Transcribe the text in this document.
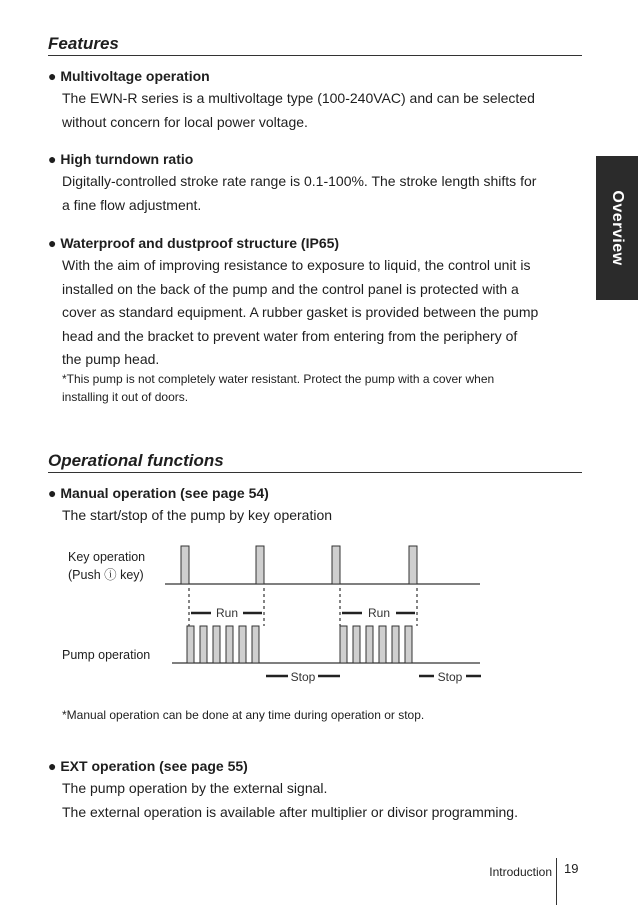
Overview
Features
● Multivoltage operation
The EWN-R series is a multivoltage type (100-240VAC) and can be selected
without concern for local power voltage.
● High turndown ratio
Digitally-controlled stroke rate range is 0.1-100%. The stroke length shifts for
a fine flow adjustment.
● Waterproof and dustproof structure (IP65)
With the aim of improving resistance to exposure to liquid, the control unit is
installed on the back of the pump and the control panel is protected with a
cover as standard equipment. A rubber gasket is provided between the pump
head and the bracket to prevent water from entering from the periphery of
the pump head.
*This pump is not completely water resistant. Protect the pump with a cover when
installing it out of doors.
Operational functions
● Manual operation (see page 54)
The start/stop of the pump by key operation
Key operation
(Push ⓘ key)
Pump operation
Run	Run
Stop	Stop
*Manual operation can be done at any time during operation or stop.
● EXT operation (see page 55)
The pump operation by the external signal.
The external operation is available after multiplier or divisor programming.
Introduction 19
